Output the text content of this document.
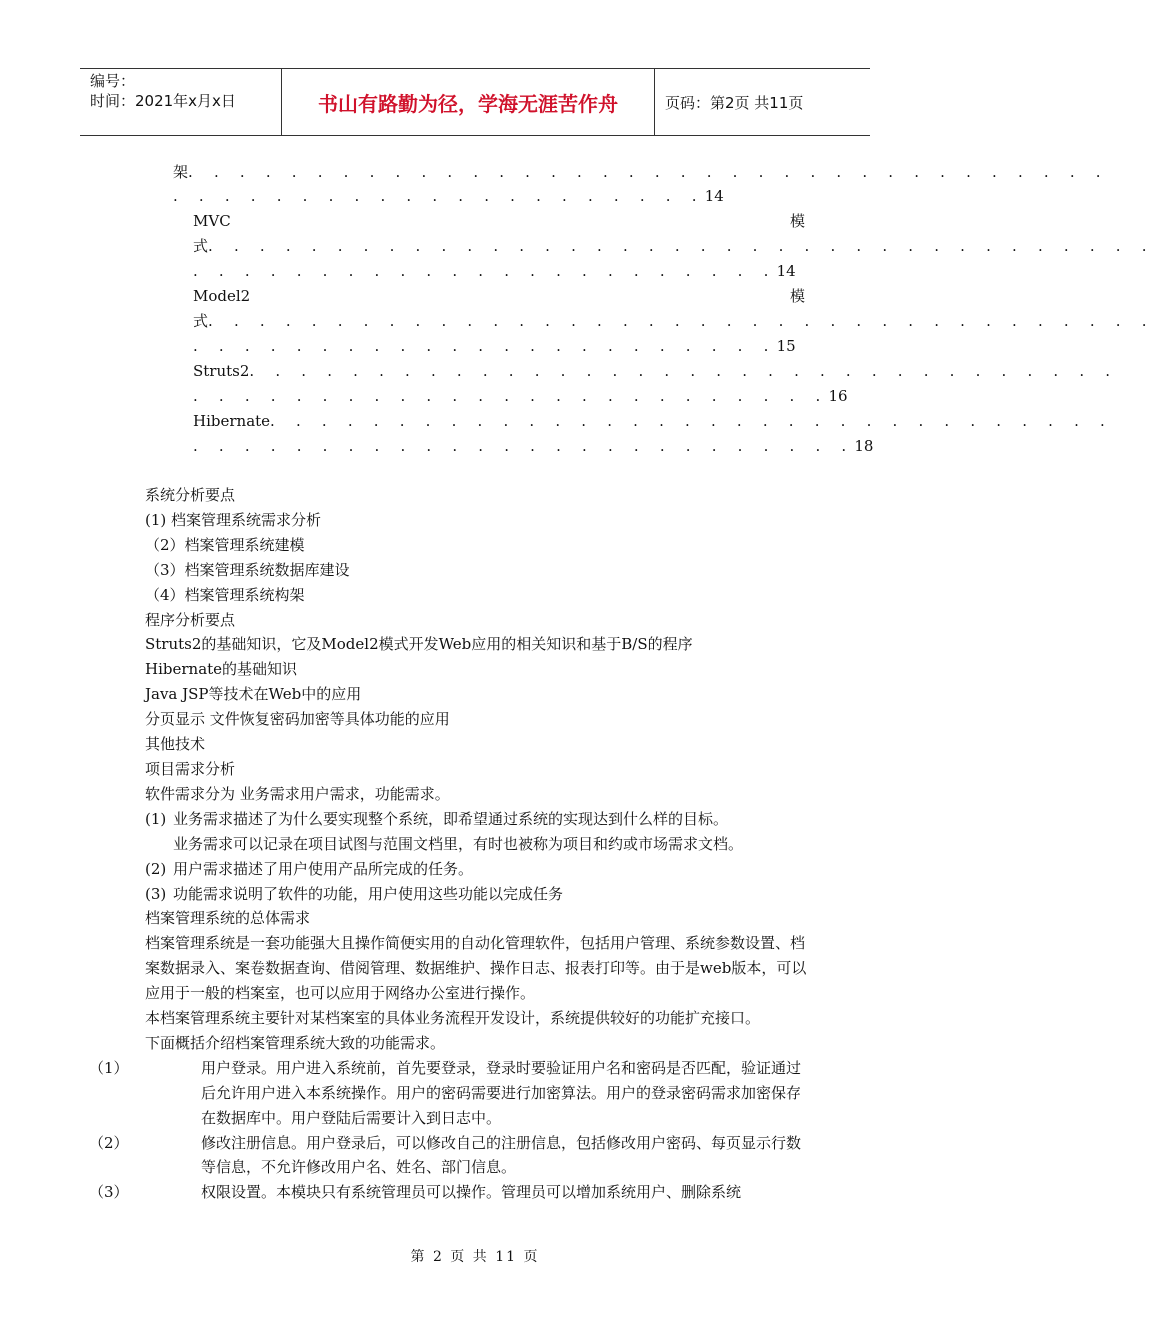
编号：
时间：2021年x月x日	书山有路勤为径，学海无涯苦作舟	页码：第2页 共11页
架. . . . . . . . . . . . . . . . . . . . . . . . . . . . . . . . . . . .
. . . . . . . . . . . . . . . . . . . . .14
MVC	模
式. . . . . . . . . . . . . . . . . . . . . . . . . . . . . . . . . . . . .
. . . . . . . . . . . . . . . . . . . . . . .14
Model2	模
式. . . . . . . . . . . . . . . . . . . . . . . . . . . . . . . . . . . . .
. . . . . . . . . . . . . . . . . . . . . . .15
Struts2. . . . . . . . . . . . . . . . . . . . . . . . . . . . . . . . . .
. . . . . . . . . . . . . . . . . . . . . . . . .16
Hibernate. . . . . . . . . . . . . . . . . . . . . . . . . . . . . . . . .
. . . . . . . . . . . . . . . . . . . . . . . . . .18

系统分析要点

(1) 档案管理系统需求分析

（2）档案管理系统建模

（3）档案管理系统数据库建设

（4）档案管理系统构架

程序分析要点

Struts2的基础知识，它及Model2模式开发Web应用的相关知识和基于B/S的程序

Hibernate的基础知识

Java JSP等技术在Web中的应用

分页显示 文件恢复密码加密等具体功能的应用

其他技术

项目需求分析

软件需求分为 业务需求用户需求，功能需求。

(1) 业务需求描述了为什么要实现整个系统，即希望通过系统的实现达到什么样的目标。

业务需求可以记录在项目试图与范围文档里，有时也被称为项目和约或市场需求文档。

(2) 用户需求描述了用户使用产品所完成的任务。

(3) 功能需求说明了软件的功能，用户使用这些功能以完成任务

档案管理系统的总体需求

档案管理系统是一套功能强大且操作简便实用的自动化管理软件，包括用户管理、系统参数设置、档案数据录入、案卷数据查询、借阅管理、数据维护、操作日志、报表打印等。由于是web版本，可以应用于一般的档案室，也可以应用于网络办公室进行操作。

本档案管理系统主要针对某档案室的具体业务流程开发设计，系统提供较好的功能扩充接口。

下面概括介绍档案管理系统大致的功能需求。

（1）	用户登录。用户进入系统前，首先要登录，登录时要验证用户名和密码是否匹配，验证通过后允许用户进入本系统操作。用户的密码需要进行加密算法。用户的登录密码需求加密保存在数据库中。用户登陆后需要计入到日志中。

（2）	修改注册信息。用户登录后，可以修改自己的注册信息，包括修改用户密码、每页显示行数等信息，不允许修改用户名、姓名、部门信息。

（3）	权限设置。本模块只有系统管理员可以操作。管理员可以增加系统用户、删除系统

第 2 页 共 11 页
